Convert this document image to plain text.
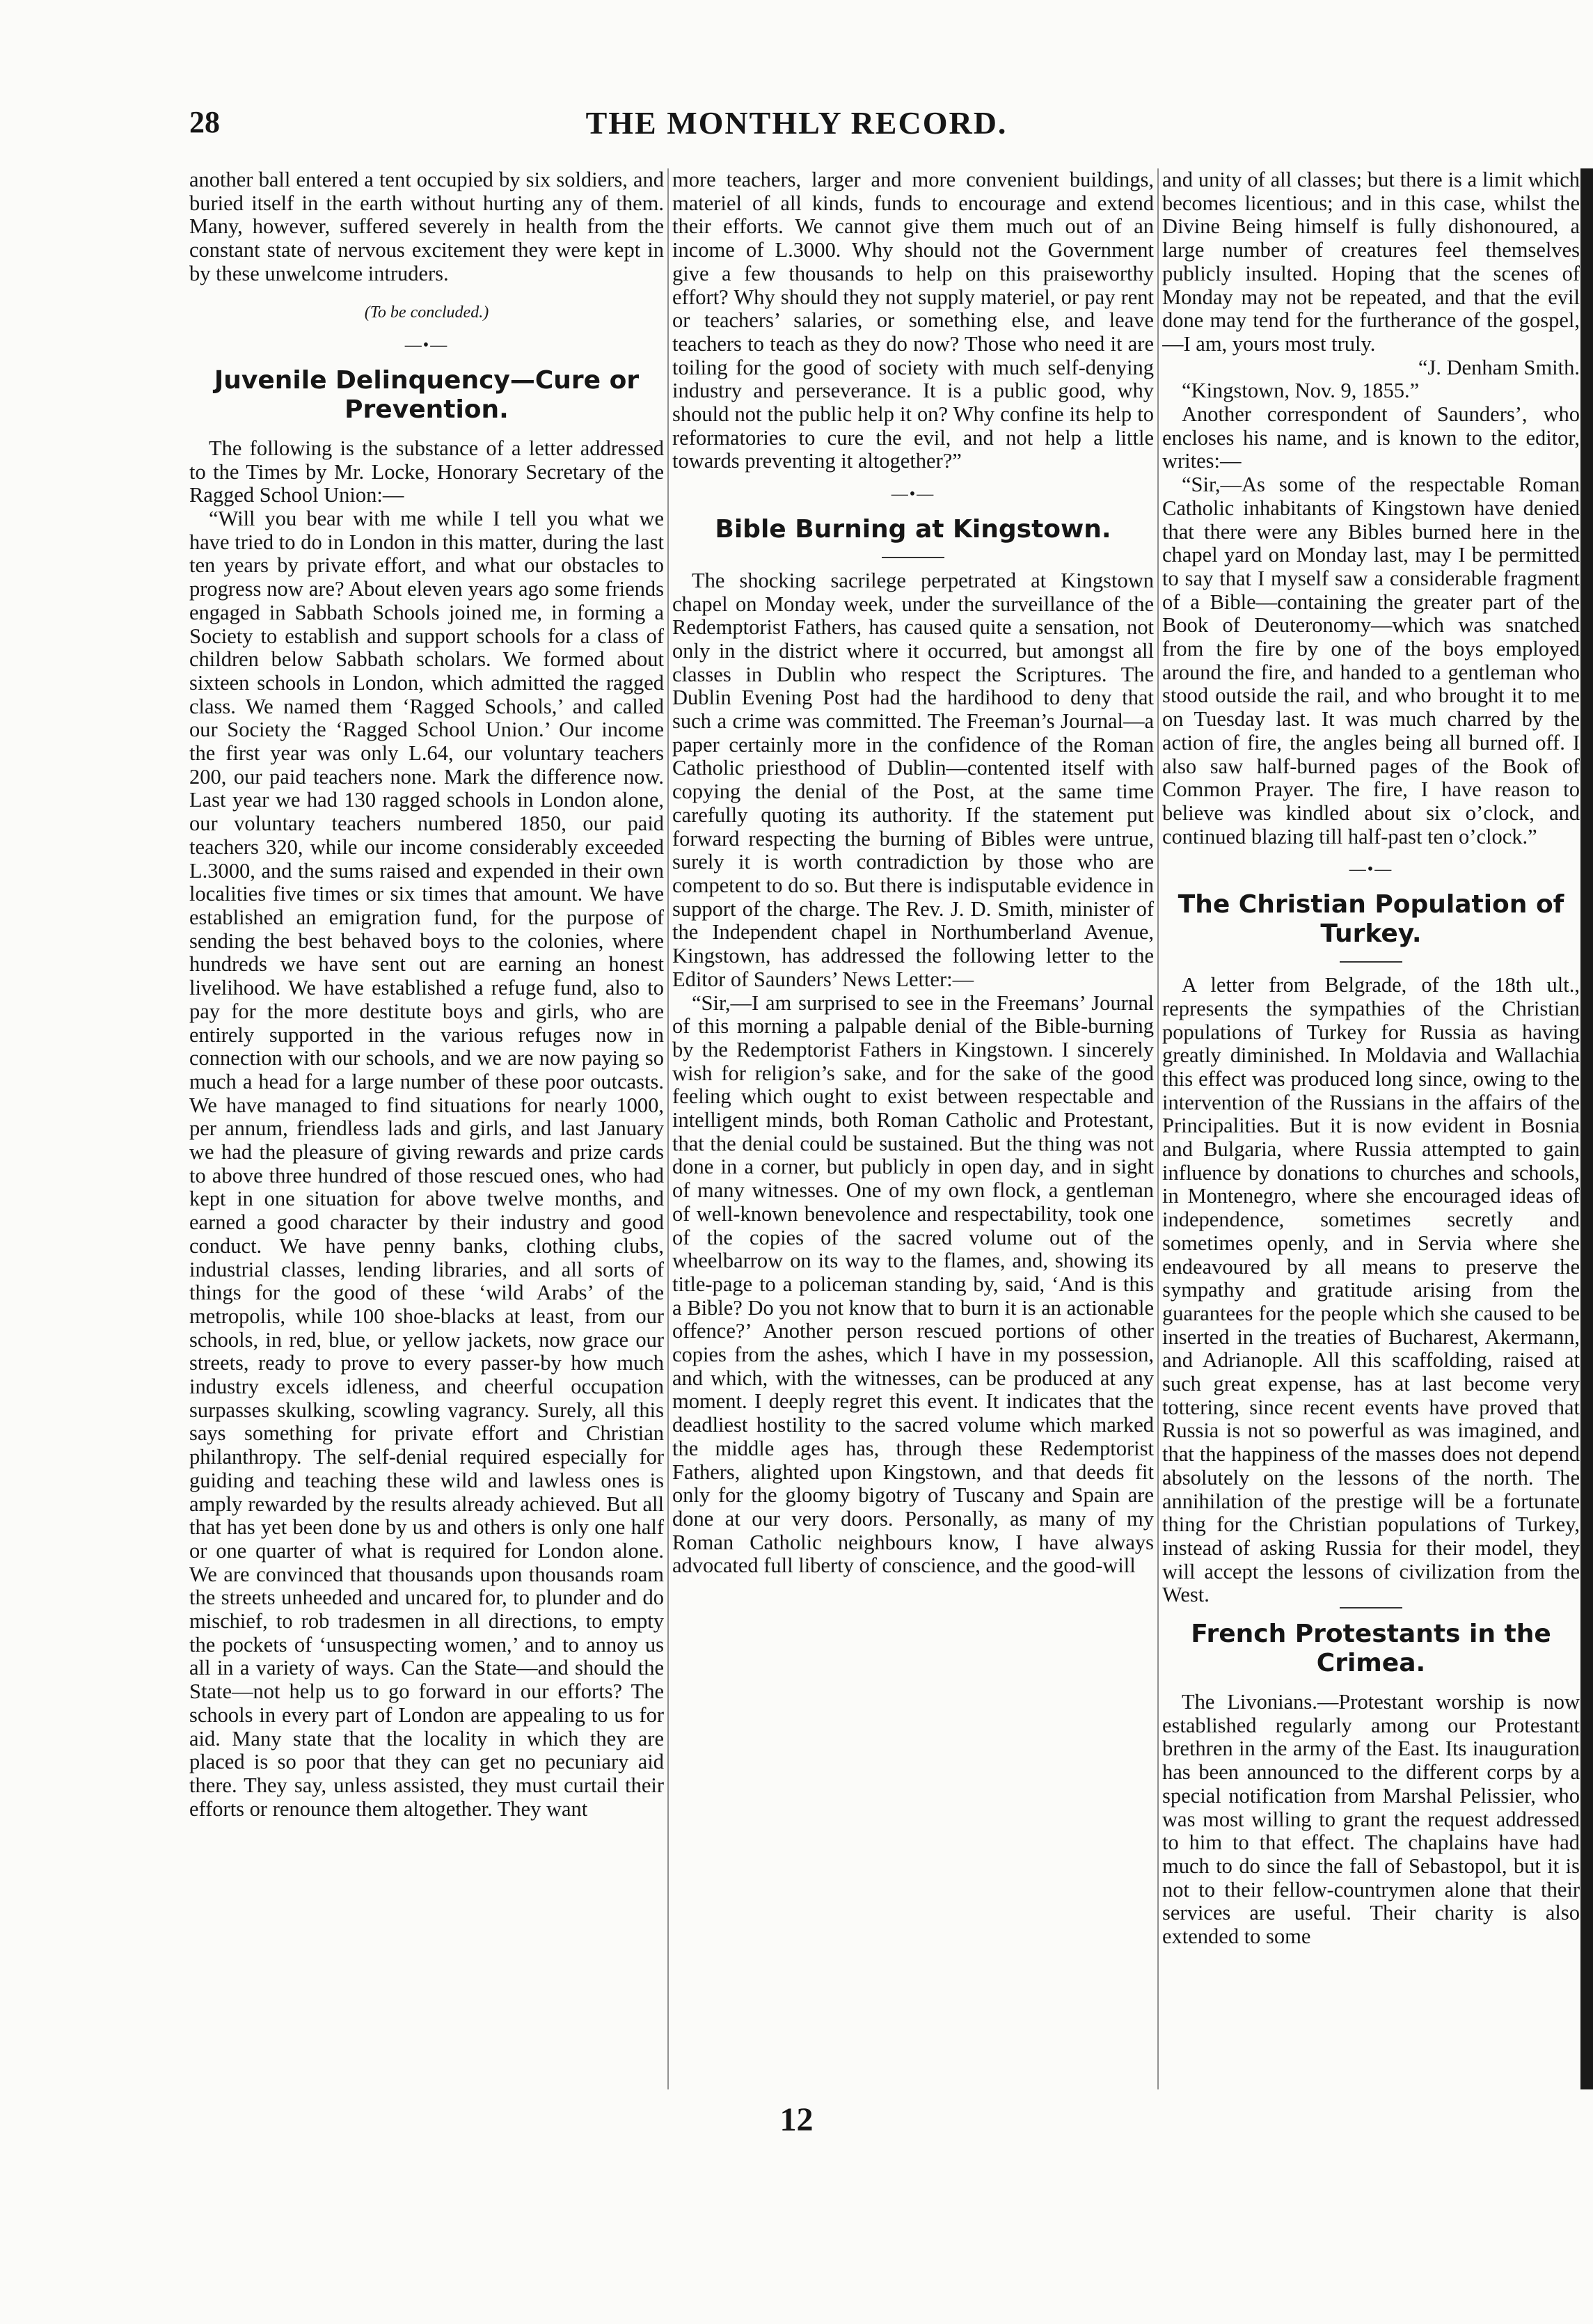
28	THE MONTHLY RECORD.

another ball entered a tent occupied by six soldiers, and buried itself in the earth without hurting any of them. Many, however, suffered severely in health from the constant state of nervous excitement they were kept in by these unwelcome intruders.

(To be concluded.)
—•—
Juvenile Delinquency—Cure or Prevention.

The following is the substance of a letter addressed to the Times by Mr. Locke, Honorary Secretary of the Ragged School Union:—

“Will you bear with me while I tell you what we have tried to do in London in this matter, during the last ten years by private effort, and what our obstacles to progress now are? About eleven years ago some friends engaged in Sabbath Schools joined me, in forming a Society to establish and support schools for a class of children below Sabbath scholars. We formed about sixteen schools in London, which admitted the ragged class. We named them ‘Ragged Schools,’ and called our Society the ‘Ragged School Union.’ Our income the first year was only L.64, our voluntary teachers 200, our paid teachers none. Mark the difference now. Last year we had 130 ragged schools in London alone, our voluntary teachers numbered 1850, our paid teachers 320, while our income considerably exceeded L.3000, and the sums raised and expended in their own localities five times or six times that amount. We have established an emigration fund, for the purpose of sending the best behaved boys to the colonies, where hundreds we have sent out are earning an honest livelihood. We have established a refuge fund, also to pay for the more destitute boys and girls, who are entirely supported in the various refuges now in connection with our schools, and we are now paying so much a head for a large number of these poor outcasts. We have managed to find situations for nearly 1000, per annum, friendless lads and girls, and last January we had the pleasure of giving rewards and prize cards to above three hundred of those rescued ones, who had kept in one situation for above twelve months, and earned a good character by their industry and good conduct. We have penny banks, clothing clubs, industrial classes, lending libraries, and all sorts of things for the good of these ‘wild Arabs’ of the metropolis, while 100 shoe-blacks at least, from our schools, in red, blue, or yellow jackets, now grace our streets, ready to prove to every passer-by how much industry excels idleness, and cheerful occupation surpasses skulking, scowling vagrancy. Surely, all this says something for private effort and Christian philanthropy. The self-denial required especially for guiding and teaching these wild and lawless ones is amply rewarded by the results already achieved. But all that has yet been done by us and others is only one half or one quarter of what is required for London alone. We are convinced that thousands upon thousands roam the streets unheeded and uncared for, to plunder and do mischief, to rob tradesmen in all directions, to empty the pockets of ‘unsuspecting women,’ and to annoy us all in a variety of ways. Can the State—and should the State—not help us to go forward in our efforts? The schools in every part of London are appealing to us for aid. Many state that the locality in which they are placed is so poor that they can get no pecuniary aid there. They say, unless assisted, they must curtail their efforts or renounce them altogether. They want

more teachers, larger and more convenient buildings, materiel of all kinds, funds to encourage and extend their efforts. We cannot give them much out of an income of L.3000. Why should not the Government give a few thousands to help on this praiseworthy effort? Why should they not supply materiel, or pay rent or teachers’ salaries, or something else, and leave teachers to teach as they do now? Those who need it are toiling for the good of society with much self-denying industry and perseverance. It is a public good, why should not the public help it on? Why confine its help to reformatories to cure the evil, and not help a little towards preventing it altogether?”

—•—
Bible Burning at Kingstown.

The shocking sacrilege perpetrated at Kingstown chapel on Monday week, under the surveillance of the Redemptorist Fathers, has caused quite a sensation, not only in the district where it occurred, but amongst all classes in Dublin who respect the Scriptures. The Dublin Evening Post had the hardihood to deny that such a crime was committed. The Freeman’s Journal—a paper certainly more in the confidence of the Roman Catholic priesthood of Dublin—contented itself with copying the denial of the Post, at the same time carefully quoting its authority. If the statement put forward respecting the burning of Bibles were untrue, surely it is worth contradiction by those who are competent to do so. But there is indisputable evidence in support of the charge. The Rev. J. D. Smith, minister of the Independent chapel in Northumberland Avenue, Kingstown, has addressed the following letter to the Editor of Saunders’ News Letter:—

“Sir,—I am surprised to see in the Freemans’ Journal of this morning a palpable denial of the Bible-burning by the Redemptorist Fathers in Kingstown. I sincerely wish for religion’s sake, and for the sake of the good feeling which ought to exist between respectable and intelligent minds, both Roman Catholic and Protestant, that the denial could be sustained. But the thing was not done in a corner, but publicly in open day, and in sight of many witnesses. One of my own flock, a gentleman of well-known benevolence and respectability, took one of the copies of the sacred volume out of the wheelbarrow on its way to the flames, and, showing its title-page to a policeman standing by, said, ‘And is this a Bible? Do you not know that to burn it is an actionable offence?’ Another person rescued portions of other copies from the ashes, which I have in my possession, and which, with the witnesses, can be produced at any moment. I deeply regret this event. It indicates that the deadliest hostility to the sacred volume which marked the middle ages has, through these Redemptorist Fathers, alighted upon Kingstown, and that deeds fit only for the gloomy bigotry of Tuscany and Spain are done at our very doors. Personally, as many of my Roman Catholic neighbours know, I have always advocated full liberty of conscience, and the good-will

and unity of all classes; but there is a limit which becomes licentious; and in this case, whilst the Divine Being himself is fully dishonoured, a large number of creatures feel themselves publicly insulted. Hoping that the scenes of Monday may not be repeated, and that the evil done may tend for the furtherance of the gospel,—I am, yours most truly.

“J. Denham Smith.

“Kingstown, Nov. 9, 1855.”

Another correspondent of Saunders’, who encloses his name, and is known to the editor, writes:—

“Sir,—As some of the respectable Roman Catholic inhabitants of Kingstown have denied that there were any Bibles burned here in the chapel yard on Monday last, may I be permitted to say that I myself saw a considerable fragment of a Bible—containing the greater part of the Book of Deuteronomy—which was snatched from the fire by one of the boys employed around the fire, and handed to a gentleman who stood outside the rail, and who brought it to me on Tuesday last. It was much charred by the action of fire, the angles being all burned off. I also saw half-burned pages of the Book of Common Prayer. The fire, I have reason to believe was kindled about six o’clock, and continued blazing till half-past ten o’clock.”

—•—
The Christian Population of Turkey.

A letter from Belgrade, of the 18th ult., represents the sympathies of the Christian populations of Turkey for Russia as having greatly diminished. In Moldavia and Wallachia this effect was produced long since, owing to the intervention of the Russians in the affairs of the Principalities. But it is now evident in Bosnia and Bulgaria, where Russia attempted to gain influence by donations to churches and schools, in Montenegro, where she encouraged ideas of independence, sometimes secretly and sometimes openly, and in Servia where she endeavoured by all means to preserve the sympathy and gratitude arising from the guarantees for the people which she caused to be inserted in the treaties of Bucharest, Akermann, and Adrianople. All this scaffolding, raised at such great expense, has at last become very tottering, since recent events have proved that Russia is not so powerful as was imagined, and that the happiness of the masses does not depend absolutely on the lessons of the north. The annihilation of the prestige will be a fortunate thing for the Christian populations of Turkey, instead of asking Russia for their model, they will accept the lessons of civilization from the West.

French Protestants in the Crimea.

The Livonians.—Protestant worship is now established regularly among our Protestant brethren in the army of the East. Its inauguration has been announced to the different corps by a special notification from Marshal Pelissier, who was most willing to grant the request addressed to him to that effect. The chaplains have had much to do since the fall of Sebastopol, but it is not to their fellow-countrymen alone that their services are useful. Their charity is also extended to some

12
